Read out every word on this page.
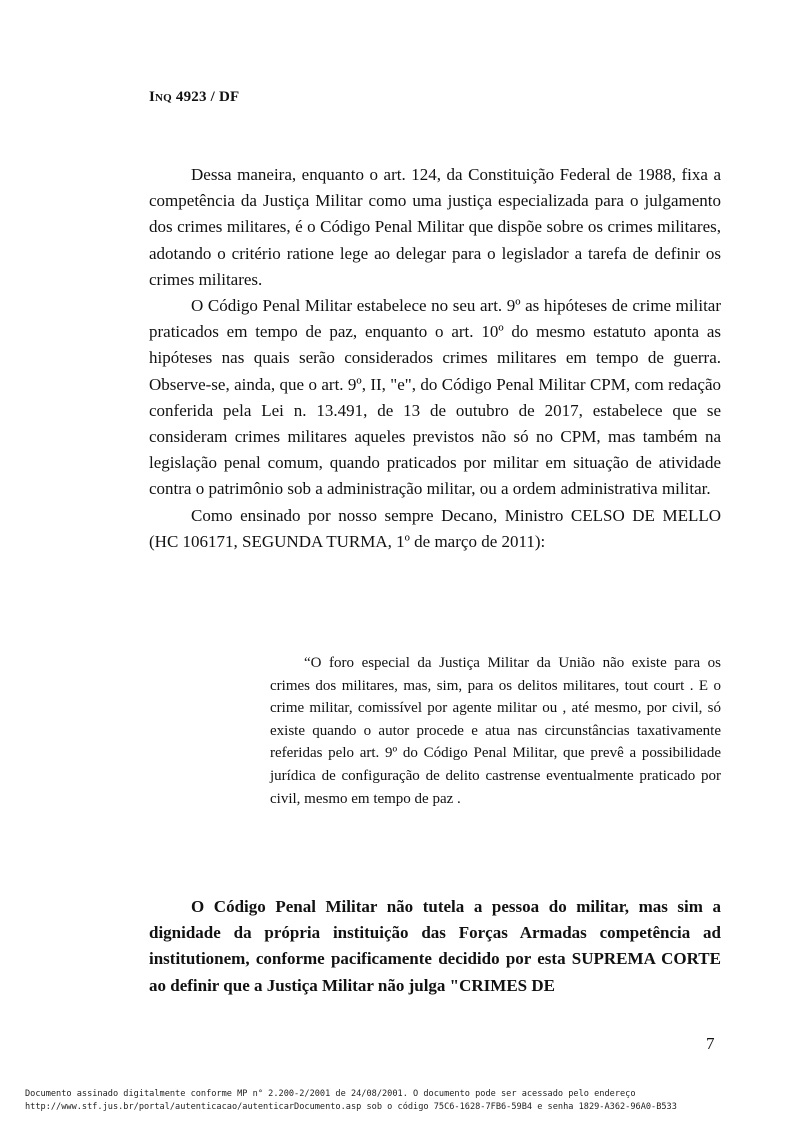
Inq 4923 / DF

Dessa maneira, enquanto o art. 124, da Constituição Federal de 1988, fixa a competência da Justiça Militar como uma justiça especializada para o julgamento dos crimes militares, é o Código Penal Militar que dispõe sobre os crimes militares, adotando o critério ratione lege ao delegar para o legislador a tarefa de definir os crimes militares.

O Código Penal Militar estabelece no seu art. 9º as hipóteses de crime militar praticados em tempo de paz, enquanto o art. 10º do mesmo estatuto aponta as hipóteses nas quais serão considerados crimes militares em tempo de guerra. Observe-se, ainda, que o art. 9º, II, "e", do Código Penal Militar CPM, com redação conferida pela Lei n. 13.491, de 13 de outubro de 2017, estabelece que se consideram crimes militares aqueles previstos não só no CPM, mas também na legislação penal comum, quando praticados por militar em situação de atividade contra o patrimônio sob a administração militar, ou a ordem administrativa militar.

Como ensinado por nosso sempre Decano, Ministro CELSO DE MELLO (HC 106171, SEGUNDA TURMA, 1º de março de 2011):

“O foro especial da Justiça Militar da União não existe para os crimes dos militares, mas, sim, para os delitos militares, tout court . E o crime militar, comissível por agente militar ou , até mesmo, por civil, só existe quando o autor procede e atua nas circunstâncias taxativamente referidas pelo art. 9º do Código Penal Militar, que prevê a possibilidade jurídica de configuração de delito castrense eventualmente praticado por civil, mesmo em tempo de paz .

O Código Penal Militar não tutela a pessoa do militar, mas sim a dignidade da própria instituição das Forças Armadas competência ad institutionem, conforme pacificamente decidido por esta SUPREMA CORTE ao definir que a Justiça Militar não julga "CRIMES DE

7
Documento assinado digitalmente conforme MP n° 2.200-2/2001 de 24/08/2001. O documento pode ser acessado pelo endereço
http://www.stf.jus.br/portal/autenticacao/autenticarDocumento.asp sob o código 75C6-1628-7FB6-59B4 e senha 1829-A362-96A0-B533
